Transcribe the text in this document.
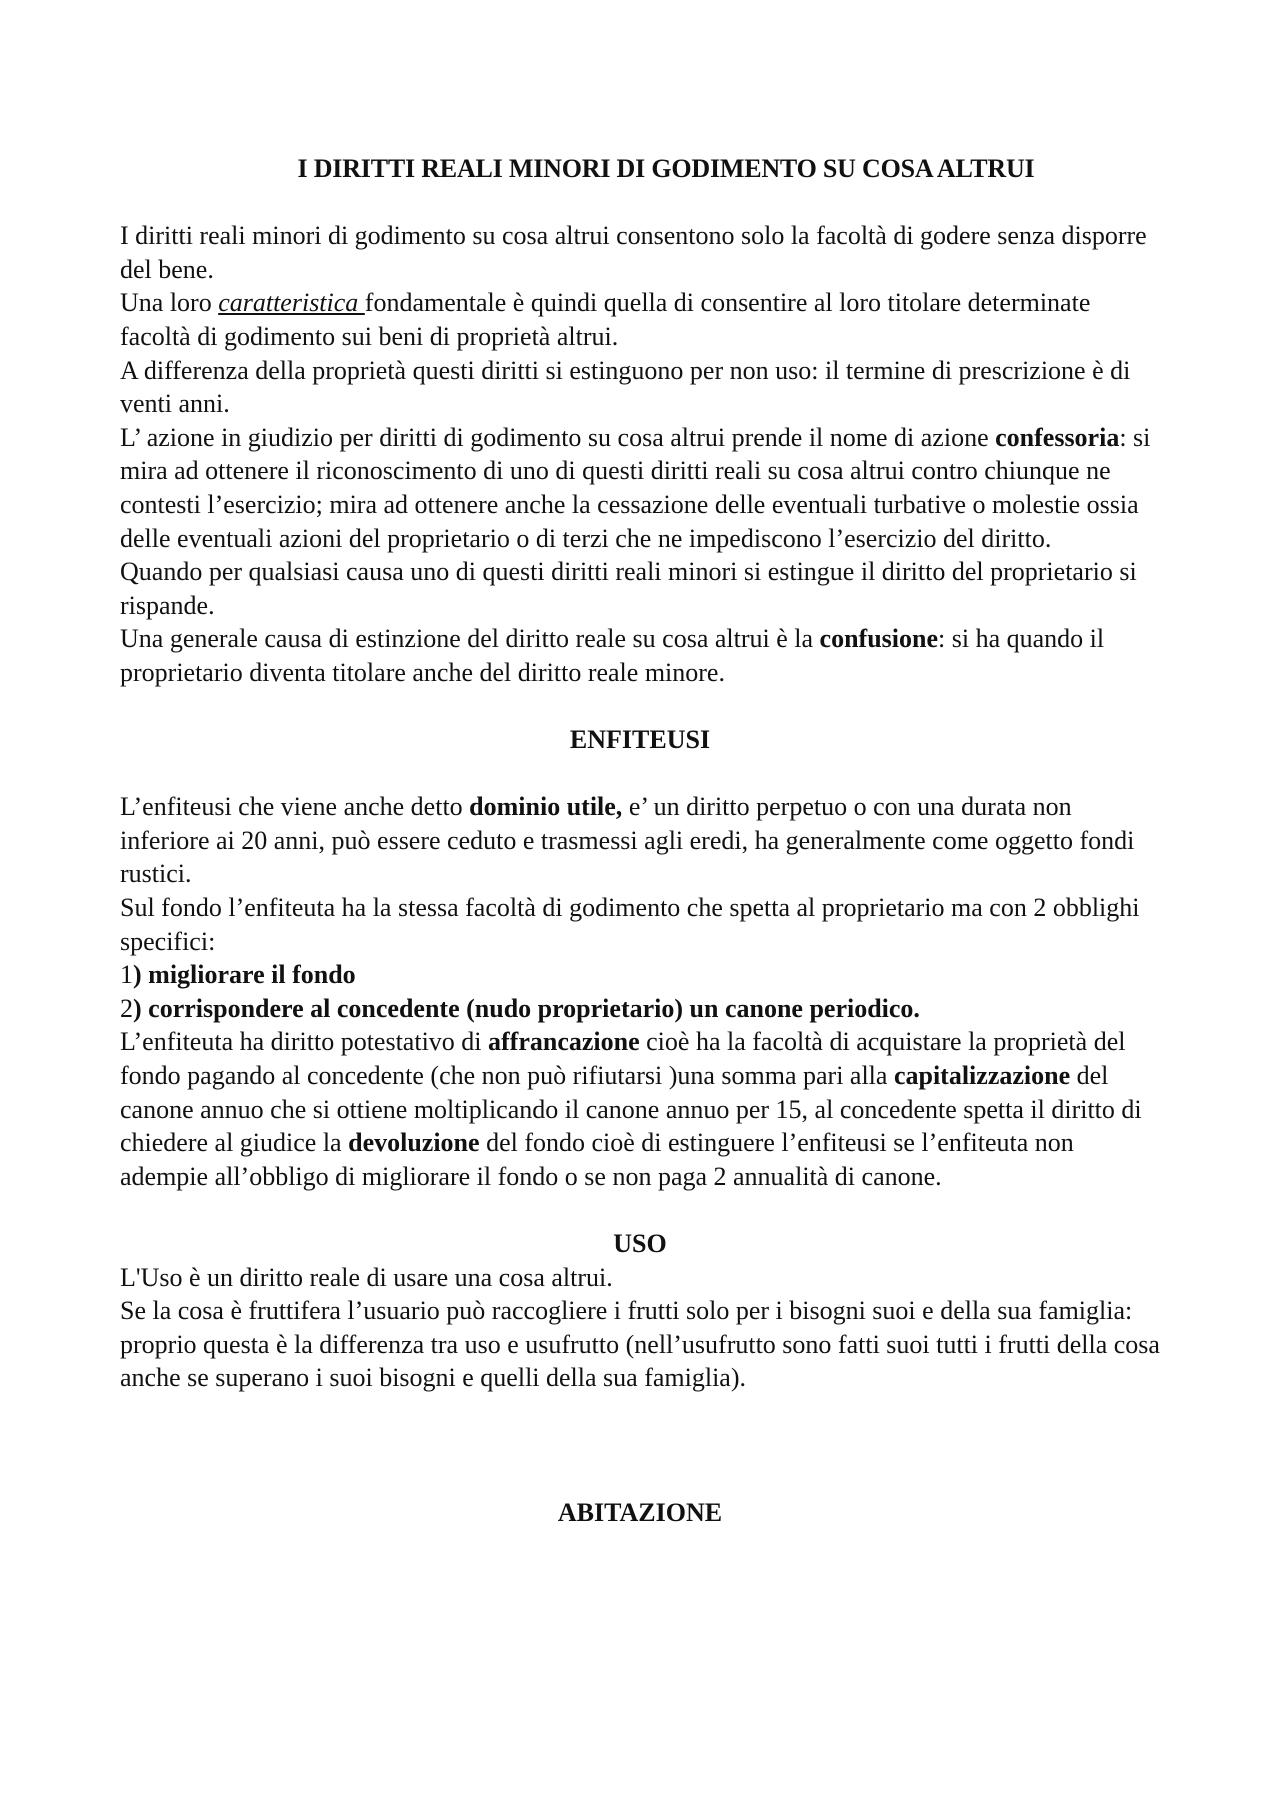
I DIRITTI REALI MINORI DI GODIMENTO SU COSA ALTRUI

I diritti reali minori di godimento su cosa altrui consentono solo la facoltà di godere senza disporre del bene.

Una loro caratteristica fondamentale è quindi quella di consentire al loro titolare determinate facoltà di godimento sui beni di proprietà altrui.

A differenza della proprietà questi diritti si estinguono per non uso: il termine di prescrizione è di venti anni.

L’ azione in giudizio per diritti di godimento su cosa altrui prende il nome di azione confessoria: si mira ad ottenere il riconoscimento di uno di questi diritti reali su cosa altrui contro chiunque ne contesti l’esercizio; mira ad ottenere anche la cessazione delle eventuali turbative o molestie ossia delle eventuali azioni del proprietario o di terzi che ne impediscono l’esercizio del diritto.

Quando per qualsiasi causa uno di questi diritti reali minori si estingue il diritto del proprietario si rispande.

Una generale causa di estinzione del diritto reale su cosa altrui è la confusione: si ha quando il proprietario diventa titolare anche del diritto reale minore.

ENFITEUSI

L’enfiteusi che viene anche detto dominio utile, e’ un diritto perpetuo o con una durata non inferiore ai 20 anni, può essere ceduto e trasmessi agli eredi, ha generalmente come oggetto fondi rustici.

Sul fondo l’enfiteuta ha la stessa facoltà di godimento che spetta al proprietario ma con 2 obblighi specifici:

1) migliorare il fondo

2) corrispondere al concedente (nudo proprietario) un canone periodico.

L’enfiteuta ha diritto potestativo di affrancazione cioè ha la facoltà di acquistare la proprietà del fondo pagando al concedente (che non può rifiutarsi )una somma pari alla capitalizzazione del canone annuo che si ottiene moltiplicando il canone annuo per 15, al concedente spetta il diritto di chiedere al giudice la devoluzione del fondo cioè di estinguere l’enfiteusi se l’enfiteuta non adempie all’obbligo di migliorare il fondo o se non paga 2 annualità di canone.

USO

L'Uso è un diritto reale di usare una cosa altrui.

Se la cosa è fruttifera l’usuario può raccogliere i frutti solo per i bisogni suoi e della sua famiglia: proprio questa è la differenza tra uso e usufrutto (nell’usufrutto sono fatti suoi tutti i frutti della cosa anche se superano i suoi bisogni e quelli della sua famiglia).

ABITAZIONE
